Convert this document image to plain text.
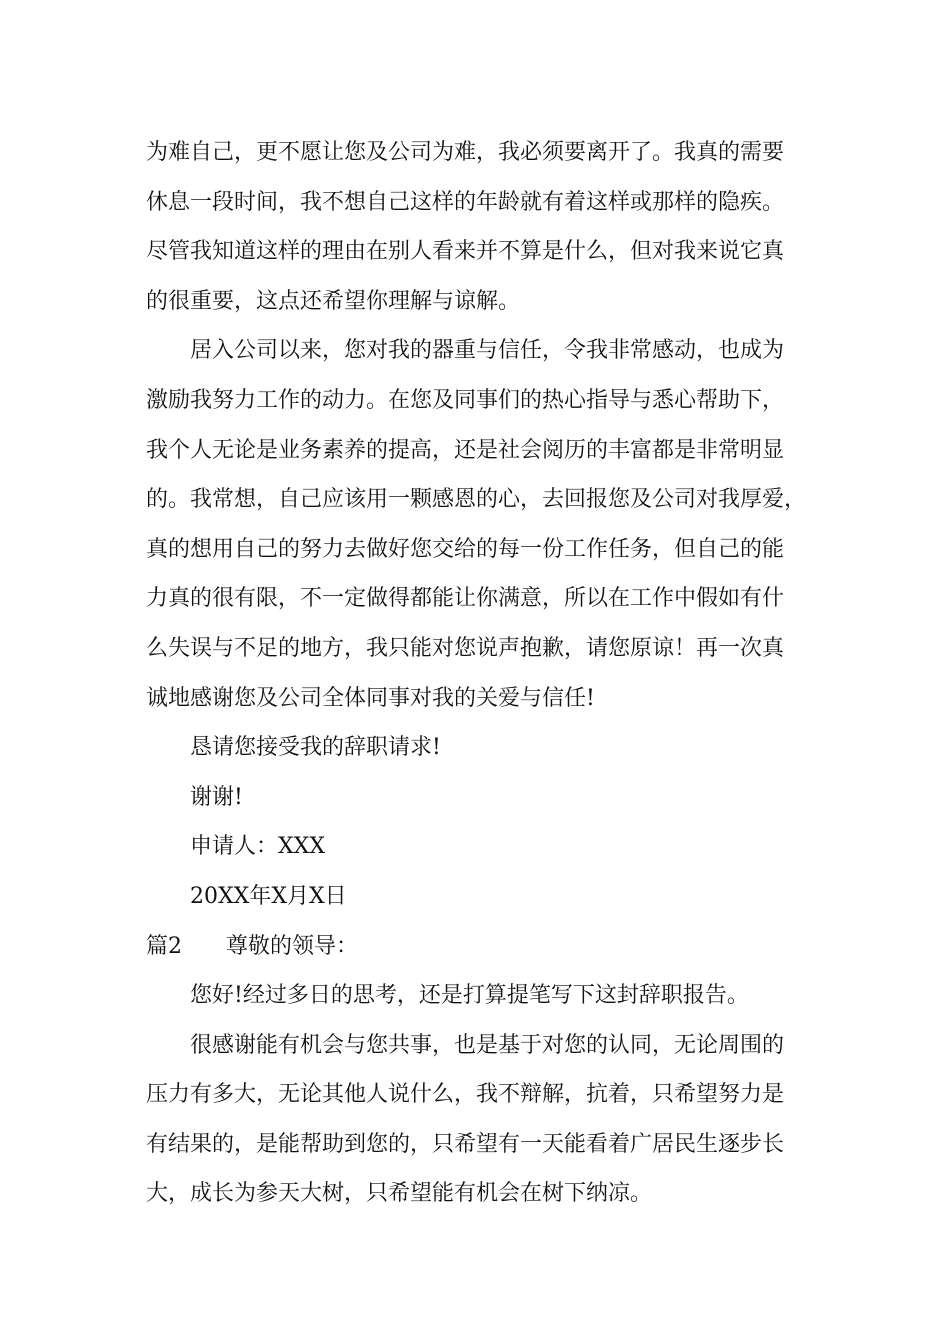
为难自己，更不愿让您及公司为难，我必须要离开了。我真的需要

休息一段时间，我不想自己这样的年龄就有着这样或那样的隐疾。

尽管我知道这样的理由在别人看来并不算是什么，但对我来说它真

的很重要，这点还希望你理解与谅解。

居入公司以来，您对我的器重与信任，令我非常感动，也成为

激励我努力工作的动力。在您及同事们的热心指导与悉心帮助下，

我个人无论是业务素养的提高，还是社会阅历的丰富都是非常明显

的。我常想，自己应该用一颗感恩的心，去回报您及公司对我厚爱，

真的想用自己的努力去做好您交给的每一份工作任务，但自己的能

力真的很有限，不一定做得都能让你满意，所以在工作中假如有什

么失误与不足的地方，我只能对您说声抱歉，请您原谅！再一次真

诚地感谢您及公司全体同事对我的关爱与信任!

恳请您接受我的辞职请求!

谢谢!

申请人：XXX

20XX年X月X日

篇2 尊敬的领导：

您好!经过多日的思考，还是打算提笔写下这封辞职报告。

很感谢能有机会与您共事，也是基于对您的认同，无论周围的

压力有多大，无论其他人说什么，我不辩解，抗着，只希望努力是

有结果的，是能帮助到您的，只希望有一天能看着广居民生逐步长

大，成长为参天大树，只希望能有机会在树下纳凉。
